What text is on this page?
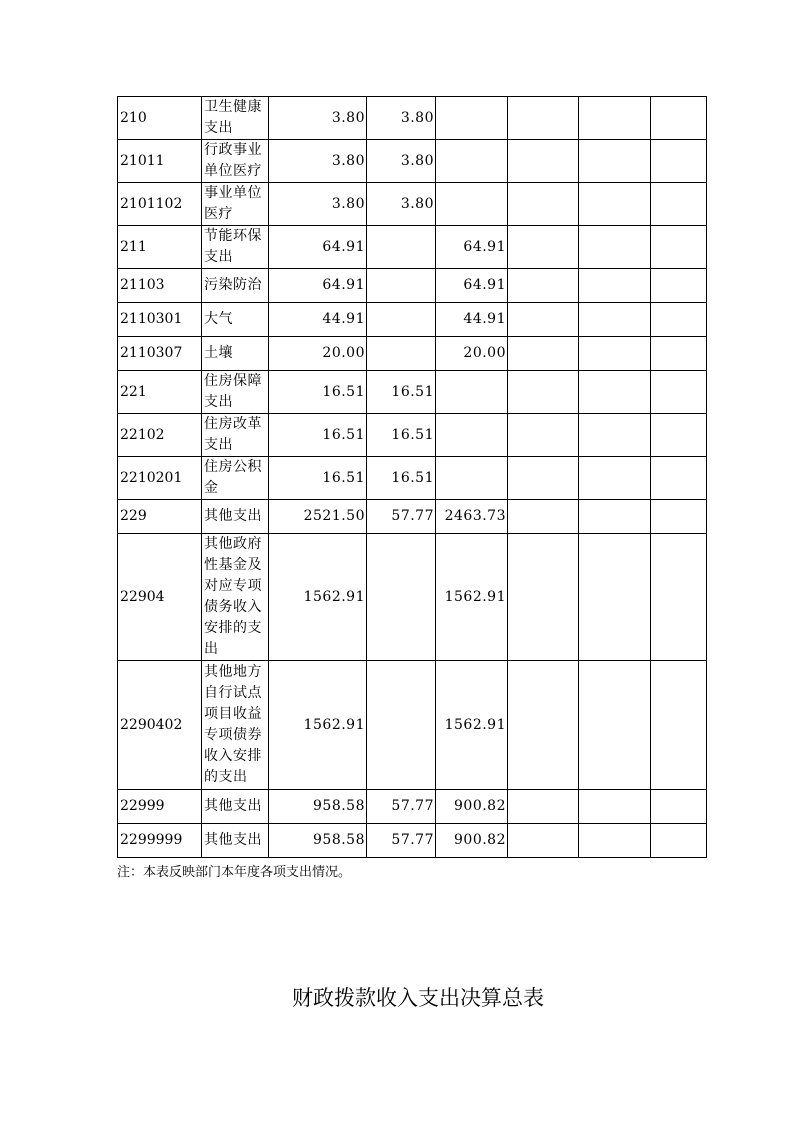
210	卫生健康支出	3.80	3.80				
21011	行政事业单位医疗	3.80	3.80				
2101102	事业单位医疗	3.80	3.80				
211	节能环保支出	64.91		64.91			
21103	污染防治	64.91		64.91			
2110301	大气	44.91		44.91			
2110307	土壤	20.00		20.00			
221	住房保障支出	16.51	16.51				
22102	住房改革支出	16.51	16.51				
2210201	住房公积金	16.51	16.51				
229	其他支出	2521.50	57.77	2463.73			
22904	其他政府性基金及对应专项债务收入安排的支出	1562.91		1562.91			
2290402	其他地方自行试点项目收益专项债券收入安排的支出	1562.91		1562.91			
22999	其他支出	958.58	57.77	900.82			
2299999	其他支出	958.58	57.77	900.82			
注：本表反映部门本年度各项支出情况。
财政拨款收入支出决算总表
